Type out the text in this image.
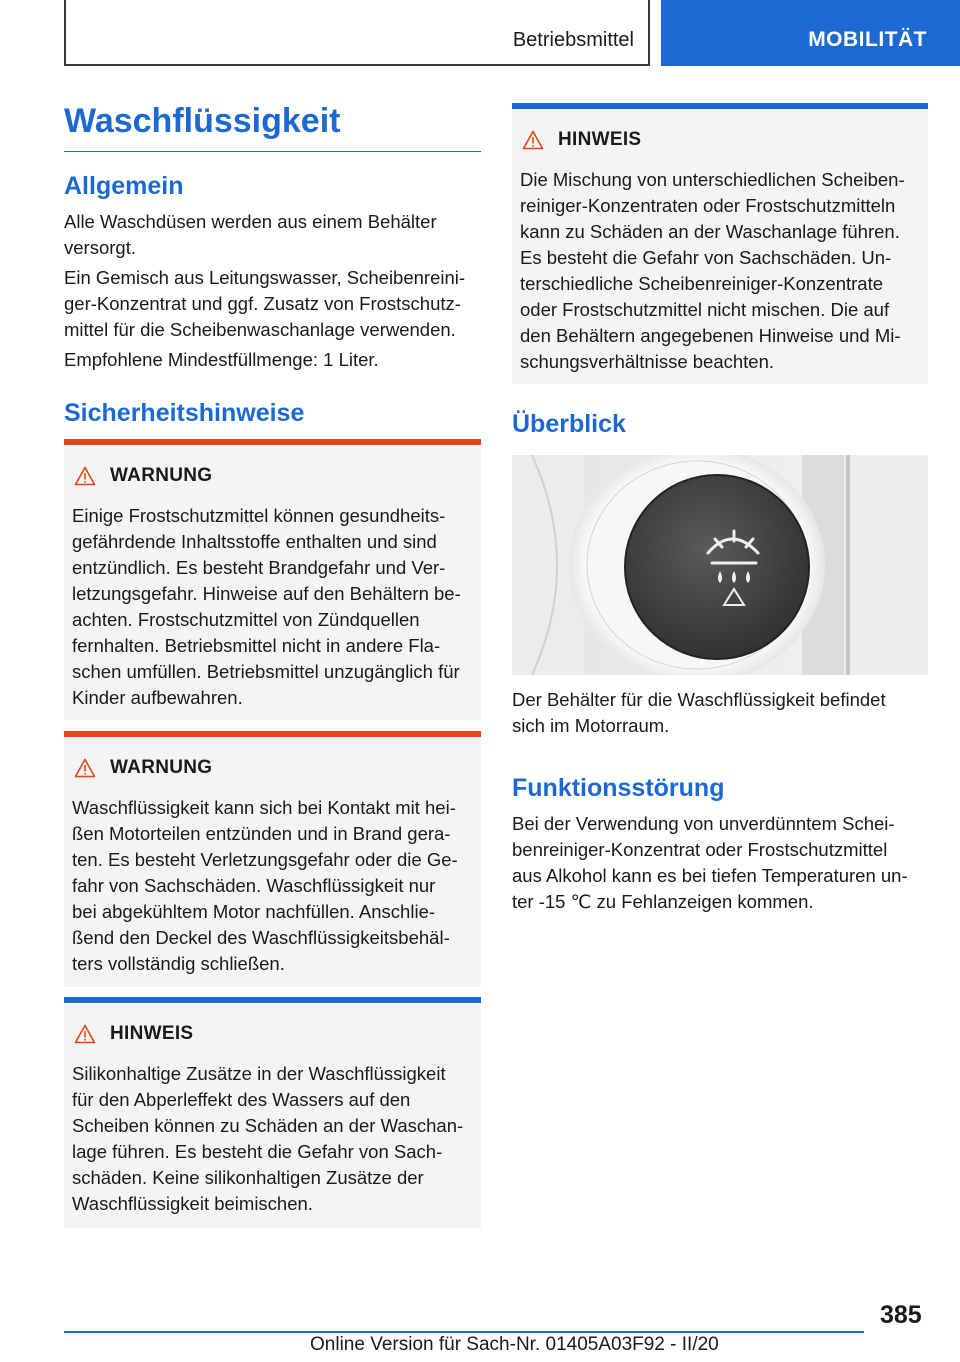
Betriebsmittel	MOBILITÄT
Waschflüssigkeit
Allgemein

Alle Waschdüsen werden aus einem Behälter
versorgt.

Ein Gemisch aus Leitungswasser, Scheibenreini-
ger-Konzentrat und ggf. Zusatz von Frostschutz-
mittel für die Scheibenwaschanlage verwenden.

Empfohlene Mindestfüllmenge: 1 Liter.

Sicherheitshinweise
WARNUNG

Einige Frostschutzmittel können gesundheits-
gefährdende Inhaltsstoffe enthalten und sind
entzündlich. Es besteht Brandgefahr und Ver-
letzungsgefahr. Hinweise auf den Behältern be-
achten. Frostschutzmittel von Zündquellen
fernhalten. Betriebsmittel nicht in andere Fla-
schen umfüllen. Betriebsmittel unzugänglich für
Kinder aufbewahren.

WARNUNG

Waschflüssigkeit kann sich bei Kontakt mit hei-
ßen Motorteilen entzünden und in Brand gera-
ten. Es besteht Verletzungsgefahr oder die Ge-
fahr von Sachschäden. Waschflüssigkeit nur
bei abgekühltem Motor nachfüllen. Anschlie-
ßend den Deckel des Waschflüssigkeitsbehäl-
ters vollständig schließen.

HINWEIS

Silikonhaltige Zusätze in der Waschflüssigkeit
für den Abperleffekt des Wassers auf den
Scheiben können zu Schäden an der Waschan-
lage führen. Es besteht die Gefahr von Sach-
schäden. Keine silikonhaltigen Zusätze der
Waschflüssigkeit beimischen.

HINWEIS

Die Mischung von unterschiedlichen Scheiben-
reiniger-Konzentraten oder Frostschutzmitteln
kann zu Schäden an der Waschanlage führen.
Es besteht die Gefahr von Sachschäden. Un-
terschiedliche Scheibenreiniger-Konzentrate
oder Frostschutzmittel nicht mischen. Die auf
den Behältern angegebenen Hinweise und Mi-
schungsverhältnisse beachten.

Überblick

Der Behälter für die Waschflüssigkeit befindet
sich im Motorraum.

Funktionsstörung

Bei der Verwendung von unverdünntem Schei-
benreiniger-Konzentrat oder Frostschutzmittel
aus Alkohol kann es bei tiefen Temperaturen un-
ter -15 ℃ zu Fehlanzeigen kommen.

385
Online Version für Sach-Nr. 01405A03F92 - II/20
